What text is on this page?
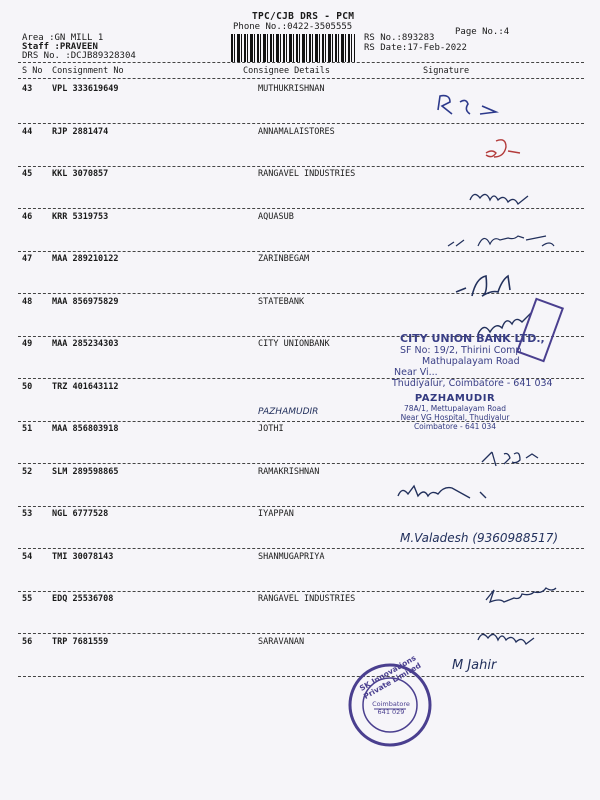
TPC/CJB DRS - PCM
Phone No.:0422-3505555
Area :GN MILL 1
Staff :PRAVEEN
DRS No. :DCJB89328304
RS No.:893283
RS Date:17-Feb-2022
Page No.:4
S No Consignment No	Consignee Details	Signature
43 VPL 333619649	MUTHUKRISHNAN
44 RJP 2881474	ANNAMALAISTORES
45 KKL 3070857	RANGAVEL INDUSTRIES
46 KRR 5319753	AQUASUB
47 MAA 289210122	ZARINBEGAM
48 MAA 856975829	STATEBANK
49 MAA 285234303	CITY UNIONBANK
50 TRZ 401643112
51 MAA 856803918	JOTHI
52 SLM 289598865	RAMAKRISHNAN
53 NGL 6777528	IYAPPAN
54 TMI 30078143	SHANMUGAPRIYA
55 EDQ 25536708	RANGAVEL INDUSTRIES
56 TRP 7681559	SARAVANAN
CITY UNION BANK LTD.,
SF No: 19/2, Thirini Comp
Mathupalayam Road
Near Vi...
Thudiyalur, Coimbatore - 641 034
PAZHAMUDIR
78A/1, Mettupalayam Road
Near VG Hospital, Thudiyalur
Coimbatore - 641 034
SK Innovations Private Limited
Coimbatore 641 029
PAZHAMUDIR
M.Valadesh (9360988517)
M Jahir
